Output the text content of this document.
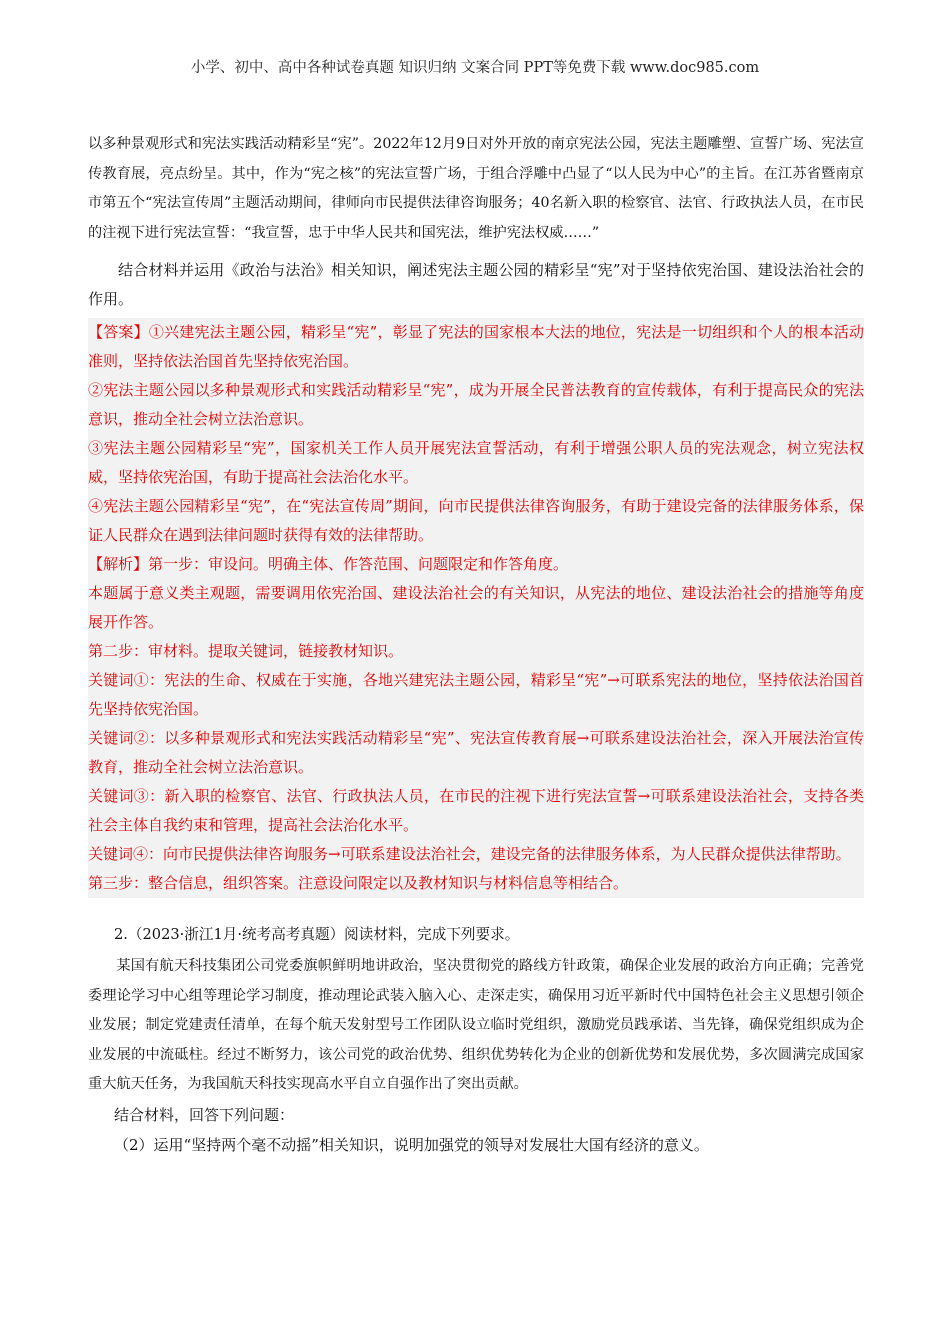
小学、初中、高中各种试卷真题 知识归纳 文案合同 PPT等免费下载 www.doc985.com

以多种景观形式和宪法实践活动精彩呈“宪”。2022年12月9日对外开放的南京宪法公园，宪法主题雕塑、宣誓广场、宪法宣传教育展，亮点纷呈。其中，作为“宪之核”的宪法宣誓广场，于组合浮雕中凸显了“以人民为中心”的主旨。在江苏省暨南京市第五个“宪法宣传周”主题活动期间，律师向市民提供法律咨询服务；40名新入职的检察官、法官、行政执法人员，在市民的注视下进行宪法宣誓：“我宣誓，忠于中华人民共和国宪法，维护宪法权威……”

结合材料并运用《政治与法治》相关知识，阐述宪法主题公园的精彩呈“宪”对于坚持依宪治国、建设法治社会的作用。

【答案】①兴建宪法主题公园，精彩呈“宪”，彰显了宪法的国家根本大法的地位，宪法是一切组织和个人的根本活动准则，坚持依法治国首先坚持依宪治国。

②宪法主题公园以多种景观形式和实践活动精彩呈“宪”，成为开展全民普法教育的宣传载体，有利于提高民众的宪法意识，推动全社会树立法治意识。

③宪法主题公园精彩呈“宪”，国家机关工作人员开展宪法宣誓活动，有利于增强公职人员的宪法观念，树立宪法权威，坚持依宪治国，有助于提高社会法治化水平。

④宪法主题公园精彩呈“宪”，在“宪法宣传周”期间，向市民提供法律咨询服务，有助于建设完备的法律服务体系，保证人民群众在遇到法律问题时获得有效的法律帮助。

【解析】第一步：审设问。明确主体、作答范围、问题限定和作答角度。

本题属于意义类主观题，需要调用依宪治国、建设法治社会的有关知识，从宪法的地位、建设法治社会的措施等角度展开作答。

第二步：审材料。提取关键词，链接教材知识。

关键词①：宪法的生命、权威在于实施，各地兴建宪法主题公园，精彩呈“宪”→可联系宪法的地位，坚持依法治国首先坚持依宪治国。

关键词②：以多种景观形式和宪法实践活动精彩呈“宪”、宪法宣传教育展→可联系建设法治社会，深入开展法治宣传教育，推动全社会树立法治意识。

关键词③：新入职的检察官、法官、行政执法人员，在市民的注视下进行宪法宣誓→可联系建设法治社会，支持各类社会主体自我约束和管理，提高社会法治化水平。

关键词④：向市民提供法律咨询服务→可联系建设法治社会，建设完备的法律服务体系，为人民群众提供法律帮助。

第三步：整合信息，组织答案。注意设问限定以及教材知识与材料信息等相结合。

2.（2023·浙江1月·统考高考真题）阅读材料，完成下列要求。

某国有航天科技集团公司党委旗帜鲜明地讲政治，坚决贯彻党的路线方针政策，确保企业发展的政治方向正确；完善党委理论学习中心组等理论学习制度，推动理论武装入脑入心、走深走实，确保用习近平新时代中国特色社会主义思想引领企业发展；制定党建责任清单，在每个航天发射型号工作团队设立临时党组织，激励党员践承诺、当先锋，确保党组织成为企业发展的中流砥柱。经过不断努力，该公司党的政治优势、组织优势转化为企业的创新优势和发展优势，多次圆满完成国家重大航天任务，为我国航天科技实现高水平自立自强作出了突出贡献。

结合材料，回答下列问题：

（2）运用“坚持两个毫不动摇”相关知识，说明加强党的领导对发展壮大国有经济的意义。
